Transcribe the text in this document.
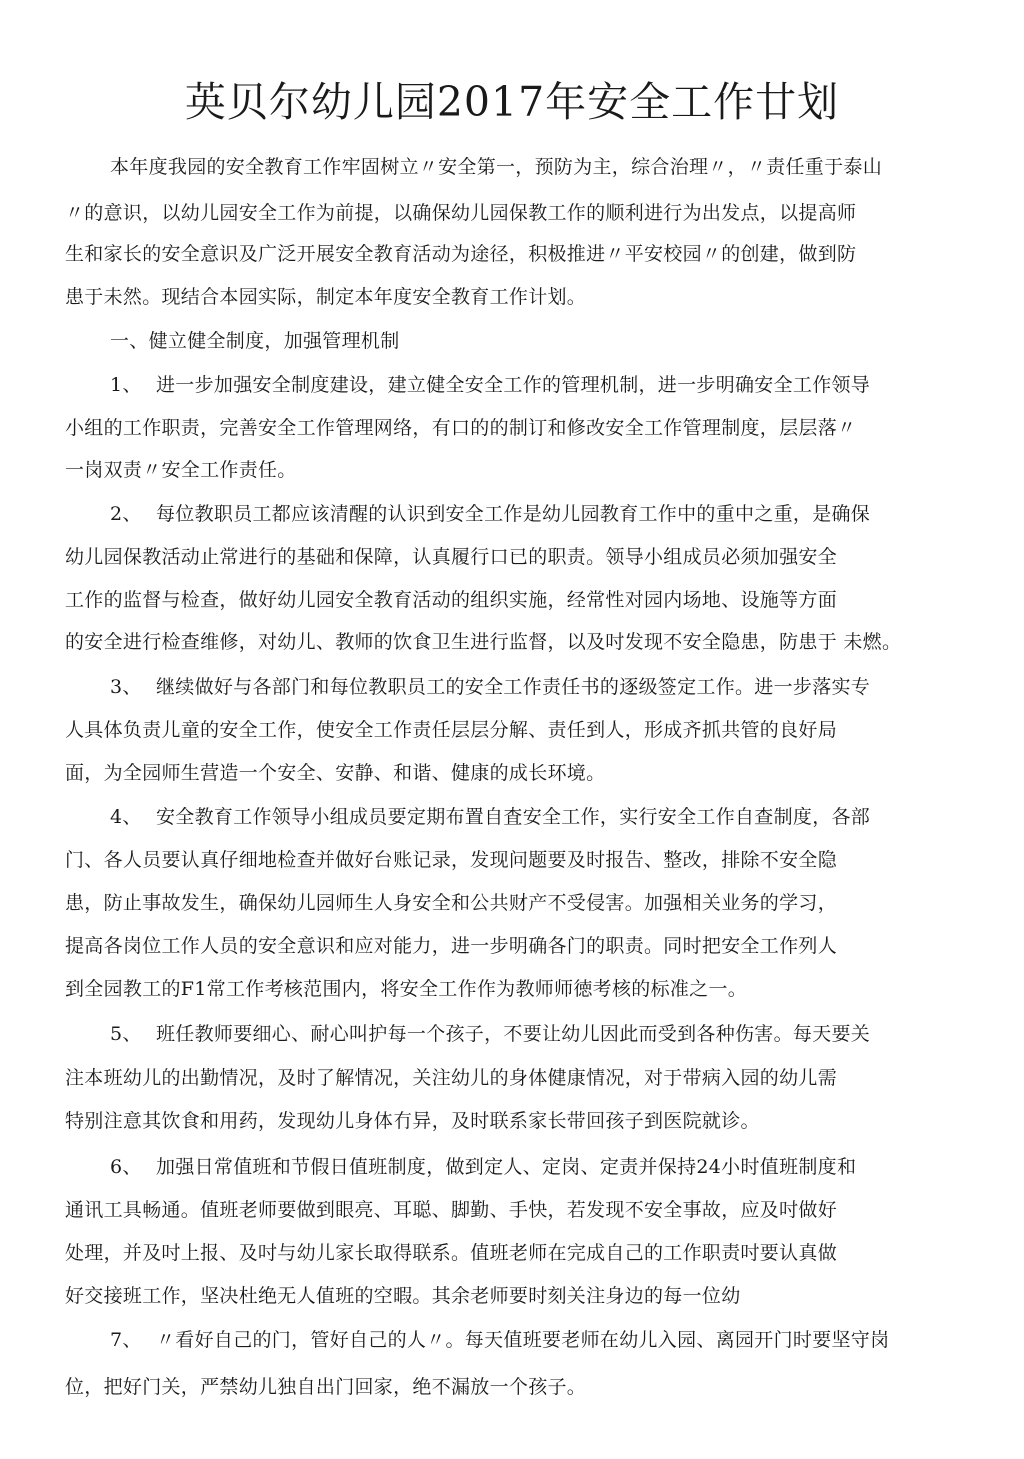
英贝尔幼儿园2017年安全工作廿划
本年度我园的安全教育工作牢固树立〃安全第一，预防为主，综合治理〃，〃责任重于泰山
〃的意识，以幼儿园安全工作为前提，以确保幼儿园保教工作的顺利进行为出发点，以提高师
生和家长的安全意识及广泛开展安全教育活动为途径，积极推进〃平安校园〃的创建，做到防
患于未然。现结合本园实际，制定本年度安全教育工作计划。
一、健立健全制度，加强管理机制
1、 进一步加强安全制度建设，建立健全安全工作的管理机制，进一步明确安全工作领导
小组的工作职责，完善安全工作管理网络，有口的的制订和修改安全工作管理制度，层层落〃
一岗双责〃安全工作责任。
2、 每位教职员工都应该清醒的认识到安全工作是幼儿园教育工作中的重中之重，是确保
幼儿园保教活动止常进行的基础和保障，认真履行口已的职责。领导小组成员必须加强安全
工作的监督与检查，做好幼儿园安全教育活动的组织实施，经常性对园内场地、设施等方面
的安全进行检查维修，对幼儿、教师的饮食卫生进行监督，以及吋发现不安全隐患，防患于 未燃。
3、 继续做好与各部门和每位教职员工的安全工作责任书的逐级签定工作。进一步落实专
人具体负责儿童的安全工作，使安全工作责任层层分解、责任到人，形成齐抓共管的良好局
面，为全园师生营造一个安全、安静、和谐、健康的成长环境。
4、 安全教育工作领导小组成员要定期布置自査安全工作，实行安全工作自查制度，各部
门、各人员要认真仔细地检查并做好台账记录，发现问题要及时报告、整改，排除不安全隐
患，防止事故发生，确保幼儿园师生人身安全和公共财产不受侵害。加强相关业务的学习，
提高各岗位工作人员的安全意识和应对能力，进一步明确各门的职责。同时把安全工作列人
到全园教工的F1常工作考核范围内，将安全工作作为教师师徳考核的标准之一。
5、 班任教师要细心、耐心叫护每一个孩子，不要让幼儿因此而受到各种伤害。每天要关
注本班幼儿的出勤情况，及时了解情况，关注幼儿的身体健康情况，对于带病入园的幼儿需
特别注意其饮食和用药，发现幼儿身体冇异，及时联系家长带回孩子到医院就诊。
6、 加强日常值班和节假日值班制度，做到定人、定岗、定责并保持24小时值班制度和
通讯工具畅通。值班老师要做到眼亮、耳聪、脚勤、手快，若发现不安全事故，应及吋做好
处理，并及吋上报、及吋与幼儿家长取得联系。值班老师在完成自己的工作职责吋要认真做
好交接班工作，坚决杜绝无人值班的空暇。其余老师要时刻关注身边的每一位幼
7、 〃看好自己的门，管好自己的人〃。每天值班要老师在幼儿入园、离园开门时要坚守岗
位，把好门关，严禁幼儿独自出门回家，绝不漏放一个孩子。
